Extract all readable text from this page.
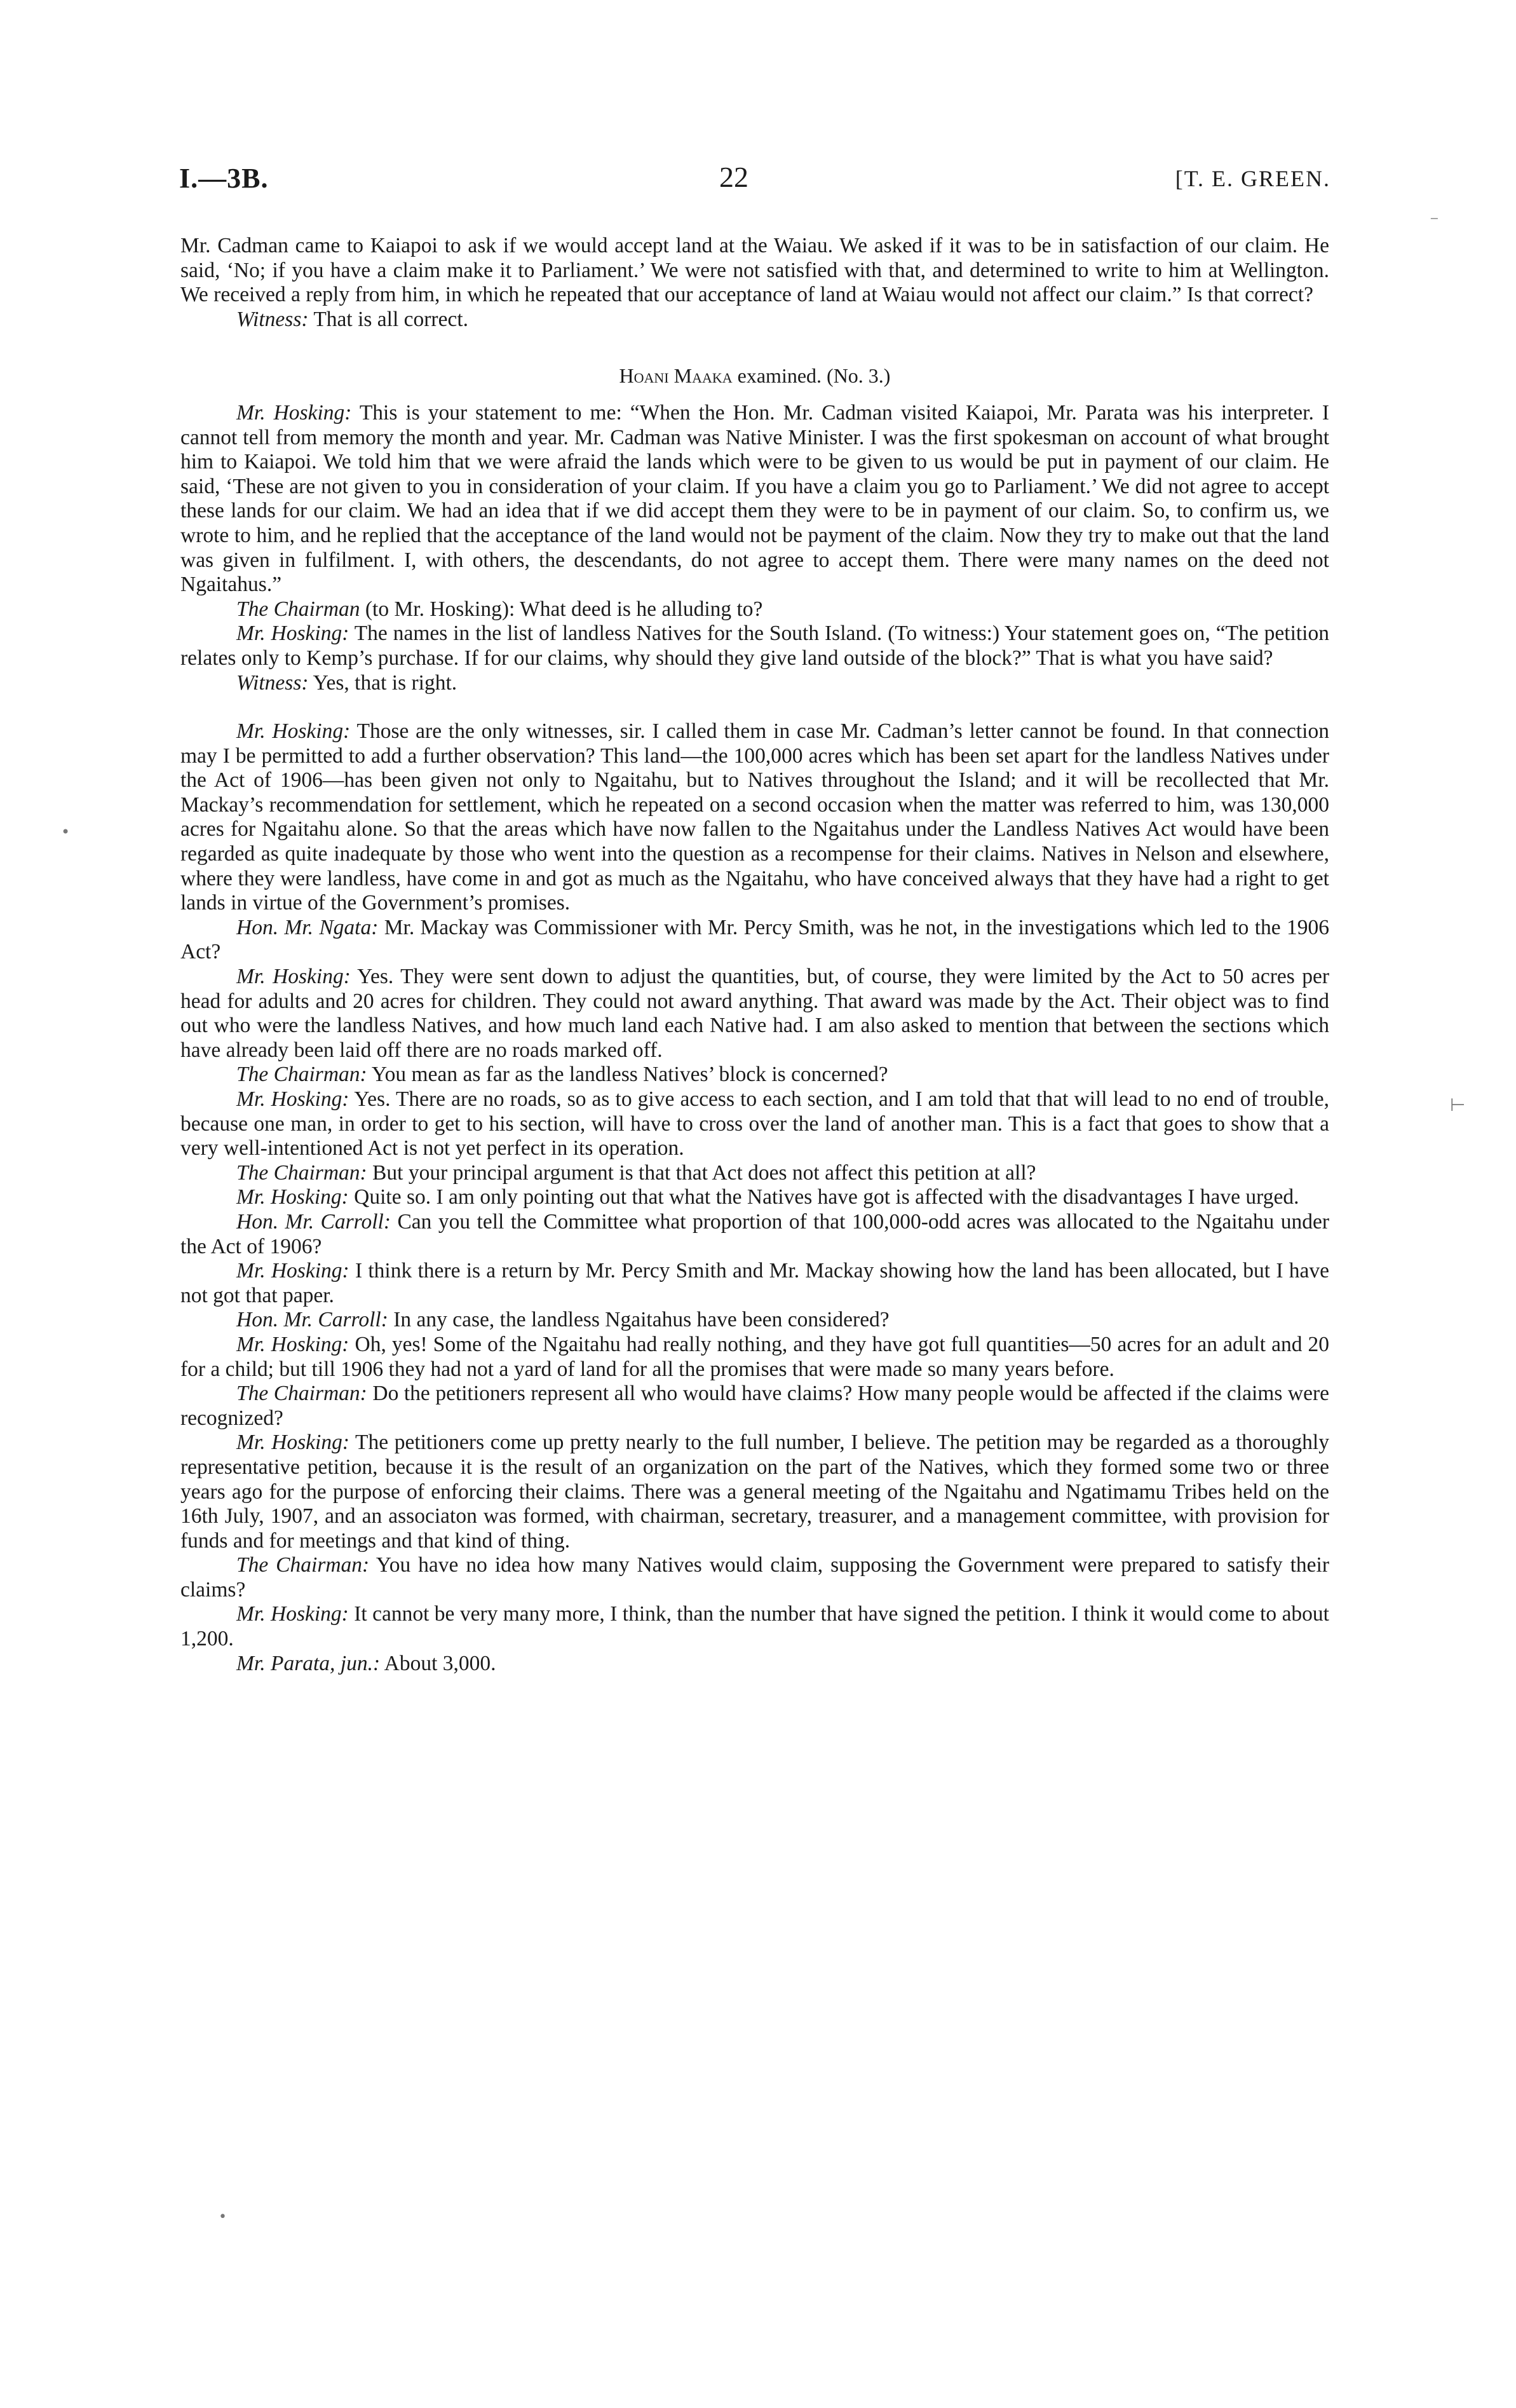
I.—3B.	22	[T. E. GREEN.

Mr. Cadman came to Kaiapoi to ask if we would accept land at the Waiau. We asked if it was to be in satisfaction of our claim. He said, ‘No; if you have a claim make it to Parliament.’ We were not satisfied with that, and determined to write to him at Wellington. We received a reply from him, in which he repeated that our acceptance of land at Waiau would not affect our claim.” Is that correct?

Witness: That is all correct.

Hoani Maaka examined. (No. 3.)

Mr. Hosking: This is your statement to me: “When the Hon. Mr. Cadman visited Kaiapoi, Mr. Parata was his interpreter. I cannot tell from memory the month and year. Mr. Cadman was Native Minister. I was the first spokesman on account of what brought him to Kaiapoi. We told him that we were afraid the lands which were to be given to us would be put in payment of our claim. He said, ‘These are not given to you in consideration of your claim. If you have a claim you go to Parliament.’ We did not agree to accept these lands for our claim. We had an idea that if we did accept them they were to be in payment of our claim. So, to confirm us, we wrote to him, and he replied that the acceptance of the land would not be payment of the claim. Now they try to make out that the land was given in fulfilment. I, with others, the descendants, do not agree to accept them. There were many names on the deed not Ngaitahus.”

The Chairman (to Mr. Hosking): What deed is he alluding to?

Mr. Hosking: The names in the list of landless Natives for the South Island. (To witness:) Your statement goes on, “The petition relates only to Kemp’s purchase. If for our claims, why should they give land outside of the block?” That is what you have said?

Witness: Yes, that is right.

Mr. Hosking: Those are the only witnesses, sir. I called them in case Mr. Cadman’s letter cannot be found. In that connection may I be permitted to add a further observation? This land—the 100,000 acres which has been set apart for the landless Natives under the Act of 1906—has been given not only to Ngaitahu, but to Natives throughout the Island; and it will be recollected that Mr. Mackay’s recommendation for settlement, which he repeated on a second occasion when the matter was referred to him, was 130,000 acres for Ngaitahu alone. So that the areas which have now fallen to the Ngaitahus under the Landless Natives Act would have been regarded as quite inadequate by those who went into the question as a recompense for their claims. Natives in Nelson and elsewhere, where they were landless, have come in and got as much as the Ngaitahu, who have conceived always that they have had a right to get lands in virtue of the Government’s promises.

Hon. Mr. Ngata: Mr. Mackay was Commissioner with Mr. Percy Smith, was he not, in the investigations which led to the 1906 Act?

Mr. Hosking: Yes. They were sent down to adjust the quantities, but, of course, they were limited by the Act to 50 acres per head for adults and 20 acres for children. They could not award anything. That award was made by the Act. Their object was to find out who were the landless Natives, and how much land each Native had. I am also asked to mention that between the sections which have already been laid off there are no roads marked off.

The Chairman: You mean as far as the landless Natives’ block is concerned?

Mr. Hosking: Yes. There are no roads, so as to give access to each section, and I am told that that will lead to no end of trouble, because one man, in order to get to his section, will have to cross over the land of another man. This is a fact that goes to show that a very well-intentioned Act is not yet perfect in its operation.

The Chairman: But your principal argument is that that Act does not affect this petition at all?

Mr. Hosking: Quite so. I am only pointing out that what the Natives have got is affected with the disadvantages I have urged.

Hon. Mr. Carroll: Can you tell the Committee what proportion of that 100,000-odd acres was allocated to the Ngaitahu under the Act of 1906?

Mr. Hosking: I think there is a return by Mr. Percy Smith and Mr. Mackay showing how the land has been allocated, but I have not got that paper.

Hon. Mr. Carroll: In any case, the landless Ngaitahus have been considered?

Mr. Hosking: Oh, yes! Some of the Ngaitahu had really nothing, and they have got full quantities—50 acres for an adult and 20 for a child; but till 1906 they had not a yard of land for all the promises that were made so many years before.

The Chairman: Do the petitioners represent all who would have claims? How many people would be affected if the claims were recognized?

Mr. Hosking: The petitioners come up pretty nearly to the full number, I believe. The petition may be regarded as a thoroughly representative petition, because it is the result of an organization on the part of the Natives, which they formed some two or three years ago for the purpose of enforcing their claims. There was a general meeting of the Ngaitahu and Ngatimamu Tribes held on the 16th July, 1907, and an associaton was formed, with chairman, secretary, treasurer, and a management committee, with provision for funds and for meetings and that kind of thing.

The Chairman: You have no idea how many Natives would claim, supposing the Government were prepared to satisfy their claims?

Mr. Hosking: It cannot be very many more, I think, than the number that have signed the petition. I think it would come to about 1,200.

Mr. Parata, jun.: About 3,000.

⁻
⊢
•
•
